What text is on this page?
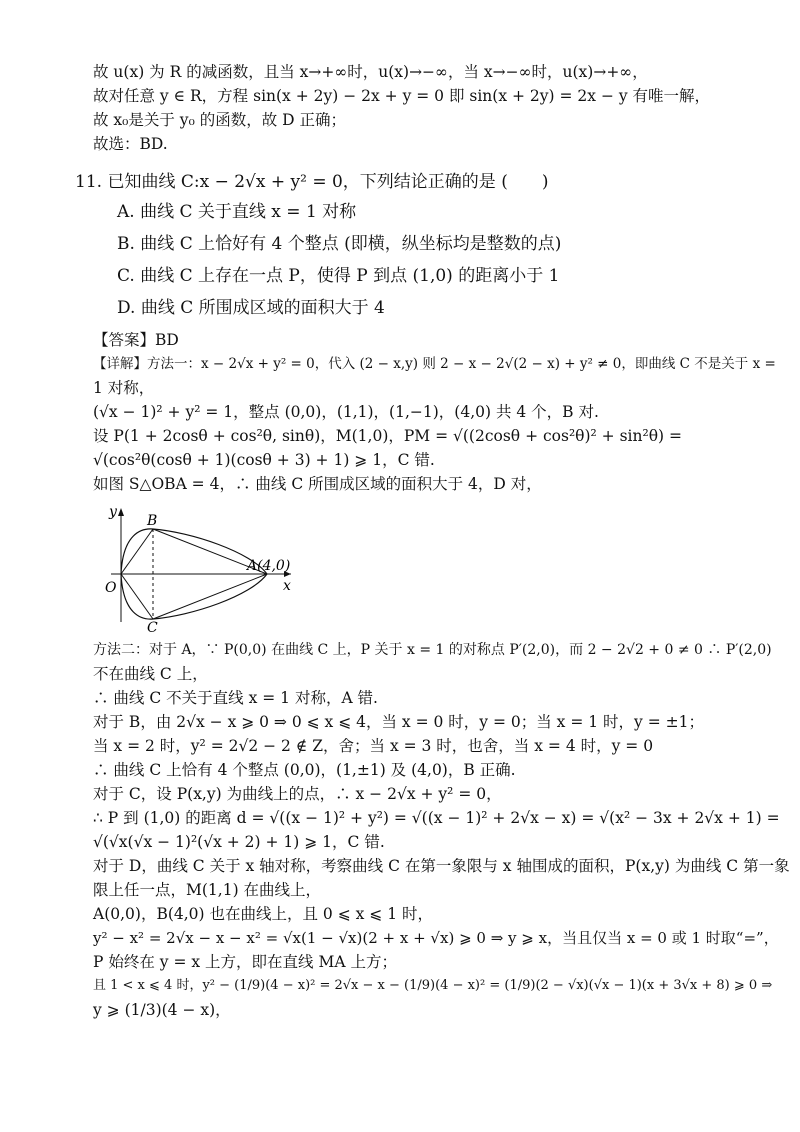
故 u(x) 为 R 的减函数，且当 x→+∞时，u(x)→−∞，当 x→−∞时，u(x)→+∞，
故对任意 y ∈ R，方程 sin(x + 2y) − 2x + y = 0 即 sin(x + 2y) = 2x − y 有唯一解，
故 x₀是关于 y₀ 的函数，故 D 正确；
故选：BD.
11. 已知曲线 C:x − 2√x + y² = 0，下列结论正确的是 (　　)
A. 曲线 C 关于直线 x = 1 对称
B. 曲线 C 上恰好有 4 个整点 (即横，纵坐标均是整数的点)
C. 曲线 C 上存在一点 P，使得 P 到点 (1,0) 的距离小于 1
D. 曲线 C 所围成区域的面积大于 4
【答案】BD
【详解】方法一：x − 2√x + y² = 0，代入 (2 − x,y) 则 2 − x − 2√(2 − x) + y² ≠ 0，即曲线 C 不是关于 x =
1 对称，
(√x − 1)² + y² = 1，整点 (0,0)，(1,1)，(1,−1)，(4,0) 共 4 个，B 对.
设 P(1 + 2cosθ + cos²θ, sinθ)，M(1,0)，PM = √((2cosθ + cos²θ)² + sin²θ) =
√(cos²θ(cosθ + 1)(cosθ + 3) + 1) ⩾ 1，C 错.
如图 S△OBA = 4，∴ 曲线 C 所围成区域的面积大于 4，D 对，
y
x
O
B
C
A(4,0)
方法二：对于 A，∵ P(0,0) 在曲线 C 上，P 关于 x = 1 的对称点 P′(2,0)，而 2 − 2√2 + 0 ≠ 0 ∴ P′(2,0)
不在曲线 C 上，
∴ 曲线 C 不关于直线 x = 1 对称，A 错.
对于 B，由 2√x − x ⩾ 0 ⇒ 0 ⩽ x ⩽ 4，当 x = 0 时，y = 0；当 x = 1 时，y = ±1；
当 x = 2 时，y² = 2√2 − 2 ∉ Z，舍；当 x = 3 时，也舍，当 x = 4 时，y = 0
∴ 曲线 C 上恰有 4 个整点 (0,0)，(1,±1) 及 (4,0)，B 正确.
对于 C，设 P(x,y) 为曲线上的点，∴ x − 2√x + y² = 0，
∴ P 到 (1,0) 的距离 d = √((x − 1)² + y²) = √((x − 1)² + 2√x − x) = √(x² − 3x + 2√x + 1) =
√(√x(√x − 1)²(√x + 2) + 1) ⩾ 1，C 错.
对于 D，曲线 C 关于 x 轴对称，考察曲线 C 在第一象限与 x 轴围成的面积，P(x,y) 为曲线 C 第一象
限上任一点，M(1,1) 在曲线上，
A(0,0)，B(4,0) 也在曲线上，且 0 ⩽ x ⩽ 1 时，
y² − x² = 2√x − x − x² = √x(1 − √x)(2 + x + √x) ⩾ 0 ⇒ y ⩾ x，当且仅当 x = 0 或 1 时取“=”，
P 始终在 y = x 上方，即在直线 MA 上方；
且 1 < x ⩽ 4 时，y² − (1/9)(4 − x)² = 2√x − x − (1/9)(4 − x)² = (1/9)(2 − √x)(√x − 1)(x + 3√x + 8) ⩾ 0 ⇒
y ⩾ (1/3)(4 − x)，
